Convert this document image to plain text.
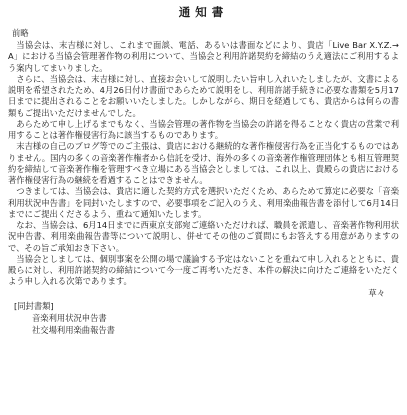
通知書
前略

当協会は、末吉様に対し、これまで面談、電話、あるいは書面などにより、貴店「Live Bar X.Y.Z.→A」における当協会管理著作物の利用について、当協会と利用許諾契約を締結のうえ適法にご利用するよう案内してまいりました。

さらに、当協会は、末吉様に対し、直接お会いして説明したい旨申し入れいたしましたが、文書による説明を希望されたため、4月26日付け書面であらためて説明をし、利用許諾手続きに必要な書類を5月17日までに提出されることをお願いいたしました。しかしながら、期日を経過しても、貴店からは何らの書類もご提出いただけませんでした。

あらためて申し上げるまでもなく、当協会管理の著作物を当協会の許諾を得ることなく貴店の営業で利用することは著作権侵害行為に該当するものであります。

末吉様の自己のブログ等でのご主張は、貴店における継続的な著作権侵害行為を正当化するものではありません。国内の多くの音楽著作権者から信託を受け、海外の多くの音楽著作権管理団体とも相互管理契約を締結して音楽著作権を管理すべき立場にある当協会としましては、これ以上、貴殿らの貴店における著作権侵害行為の継続を看過することはできません。

つきましては、当協会は、貴店に適した契約方式を選択いただくため、あらためて算定に必要な「音楽利用状況申告書」を同封いたしますので、必要事項をご記入のうえ、利用楽曲報告書を添付して6月14日までにご提出くださるよう、重ねて通知いたします。

なお、当協会は、6月14日までに西東京支部宛ご連絡いただければ、職員を派遣し、音楽著作物利用状況申告書、利用楽曲報告書等について説明し、併せてその他のご質問にもお答えする用意がありますので、その旨ご承知おき下さい。

当協会としましては、個別事案を公開の場で議論する予定はないことを重ねて申し入れるとともに、貴殿らに対し、利用許諾契約の締結について今一度ご再考いただき、本件の解決に向けたご連絡をいただくよう申し入れる次第であります。

草々
[同封書類]
音楽利用状況申告書
社交場利用楽曲報告書
